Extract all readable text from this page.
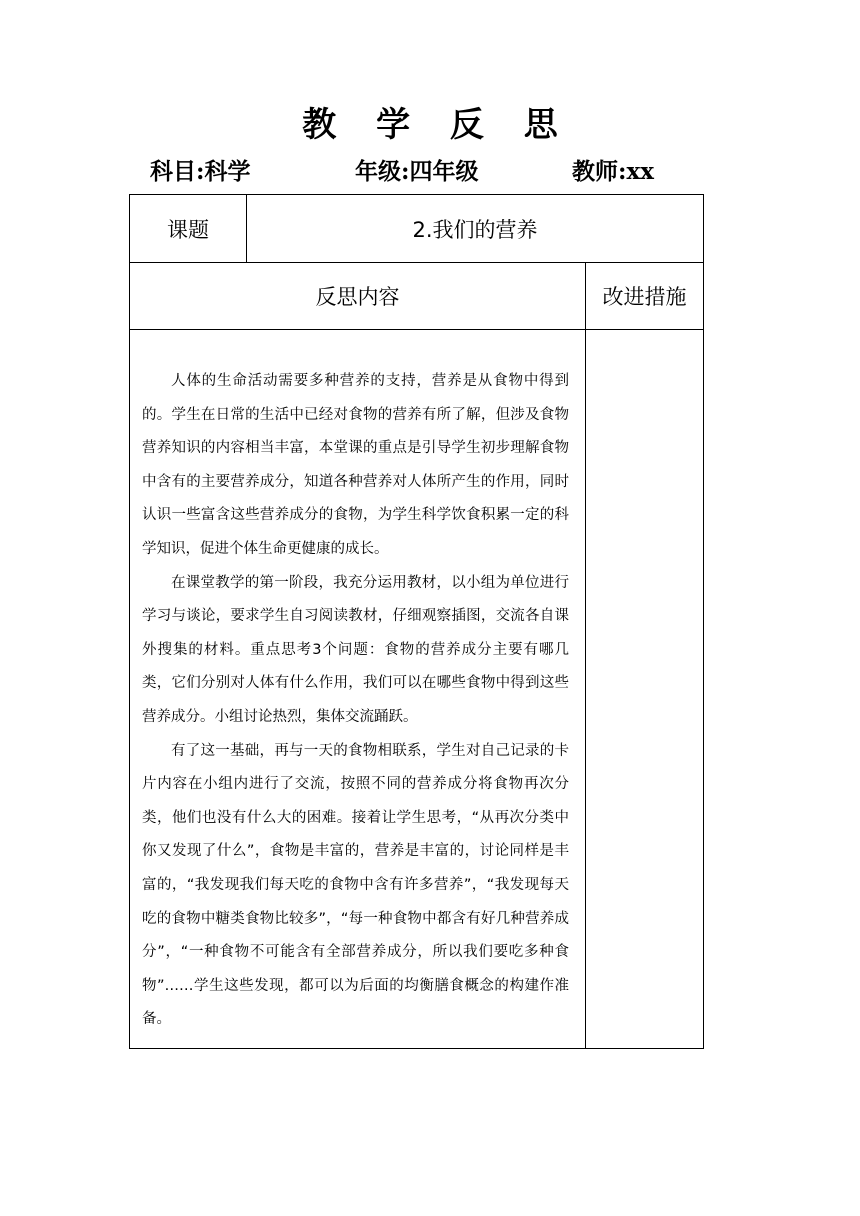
教 学 反 思
科目:科学	年级:四年级	教师:xx
课题	2.我们的营养	
反思内容		改进措施

人体的生命活动需要多种营养的支持，营养是从食物中得到的。学生在日常的生活中已经对食物的营养有所了解，但涉及食物营养知识的内容相当丰富，本堂课的重点是引导学生初步理解食物中含有的主要营养成分，知道各种营养对人体所产生的作用，同时认识一些富含这些营养成分的食物，为学生科学饮食积累一定的科学知识，促进个体生命更健康的成长。

在课堂教学的第一阶段，我充分运用教材，以小组为单位进行学习与谈论，要求学生自习阅读教材，仔细观察插图，交流各自课外搜集的材料。重点思考3个问题：食物的营养成分主要有哪几类，它们分别对人体有什么作用，我们可以在哪些食物中得到这些营养成分。小组讨论热烈，集体交流踊跃。

有了这一基础，再与一天的食物相联系，学生对自己记录的卡片内容在小组内进行了交流，按照不同的营养成分将食物再次分类，他们也没有什么大的困难。接着让学生思考，“从再次分类中你又发现了什么”，食物是丰富的，营养是丰富的，讨论同样是丰富的，“我发现我们每天吃的食物中含有许多营养”，“我发现每天吃的食物中糖类食物比较多”，“每一种食物中都含有好几种营养成分”，“一种食物不可能含有全部营养成分，所以我们要吃多种食物”……学生这些发现，都可以为后面的均衡膳食概念的构建作准备。		
